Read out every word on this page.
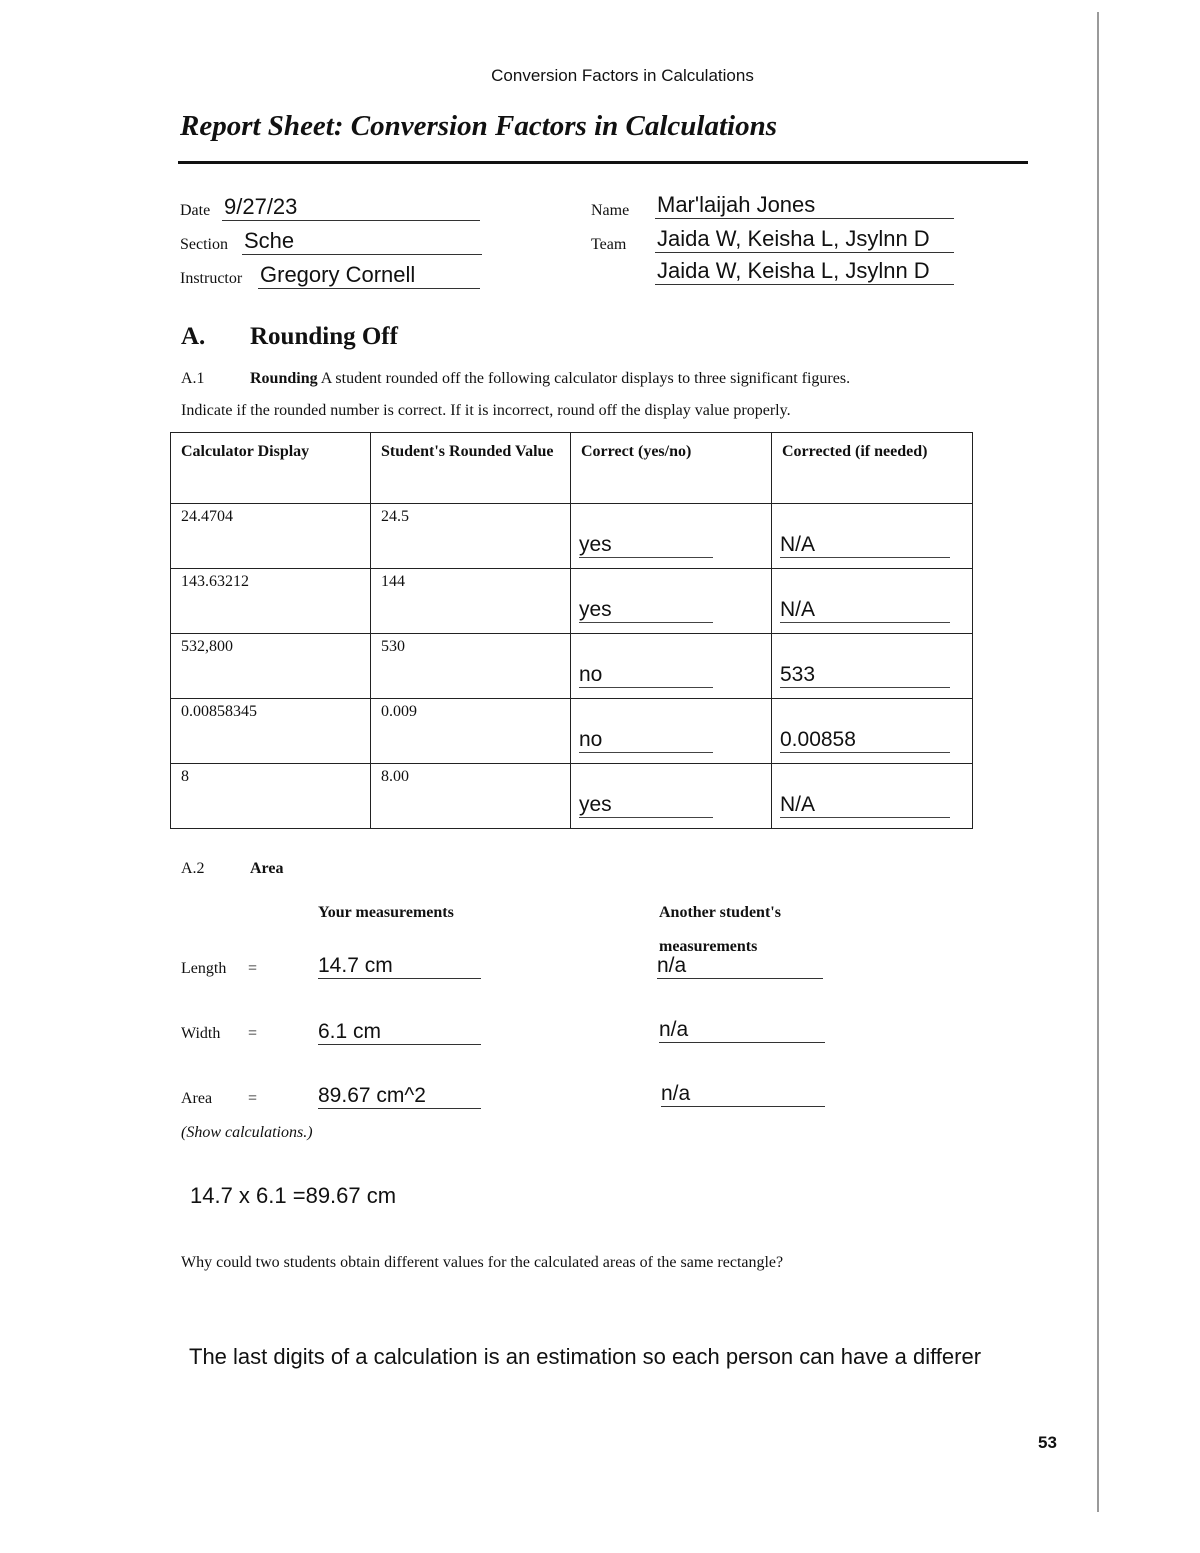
Conversion Factors in Calculations
Report Sheet: Conversion Factors in Calculations
Date 9/27/23
Section Sche
Instructor Gregory Cornell
Name Mar'laijah Jones
Team Jaida W, Keisha L, Jsylnn D
Jaida W, Keisha L, Jsylnn D
A. Rounding Off
A.1	Rounding A student rounded off the following calculator displays to three significant figures.
Indicate if the rounded number is correct. If it is incorrect, round off the display value properly.
Calculator Display	Student's Rounded Value	Correct (yes/no)	Corrected (if needed)

24.4704	24.5	yes	N/A

143.63212	144	yes	N/A

532,800	530	no	533

0.00858345	0.009	no	0.00858

8	8.00	yes	N/A
A.2	Area
Your measurements	Another student's measurements
Length =	14.7 cm	n/a
Width =	6.1 cm	n/a
Area =	89.67 cm^2	n/a
(Show calculations.)
14.7 x 6.1 =89.67 cm
Why could two students obtain different values for the calculated areas of the same rectangle?
The last digits of a calculation is an estimation so each person can have a differer
53
